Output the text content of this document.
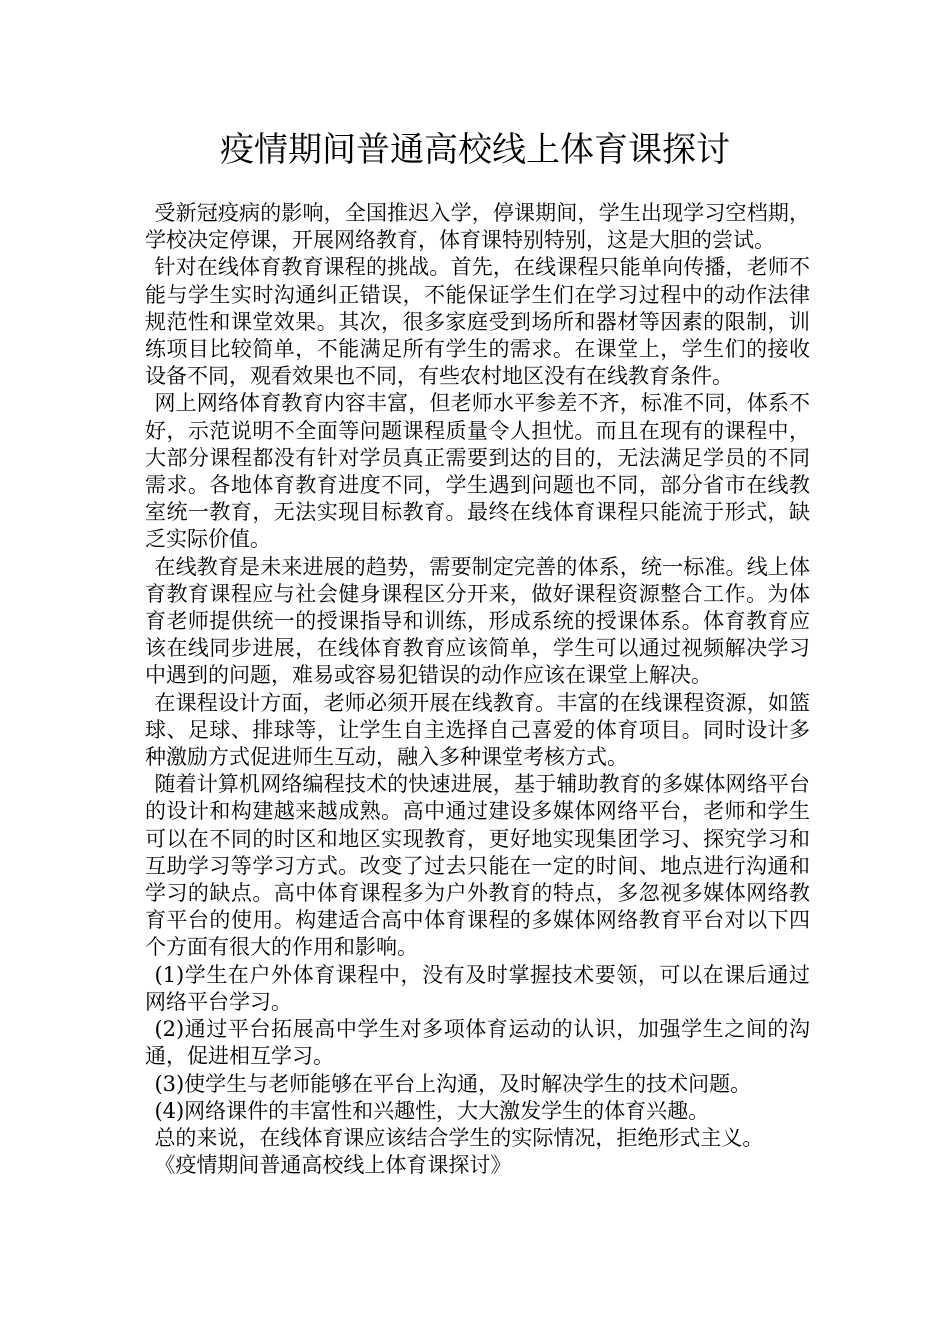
疫情期间普通高校线上体育课探讨

受新冠疫病的影响，全国推迟入学，停课期间，学生出现学习空档期，学校决定停课，开展网络教育，体育课特别特别，这是大胆的尝试。

针对在线体育教育课程的挑战。首先，在线课程只能单向传播，老师不能与学生实时沟通纠正错误，不能保证学生们在学习过程中的动作法律规范性和课堂效果。其次，很多家庭受到场所和器材等因素的限制，训练项目比较简单，不能满足所有学生的需求。在课堂上，学生们的接收设备不同，观看效果也不同，有些农村地区没有在线教育条件。

网上网络体育教育内容丰富，但老师水平参差不齐，标准不同，体系不好，示范说明不全面等问题课程质量令人担忧。而且在现有的课程中，大部分课程都没有针对学员真正需要到达的目的，无法满足学员的不同需求。各地体育教育进度不同，学生遇到问题也不同，部分省市在线教室统一教育，无法实现目标教育。最终在线体育课程只能流于形式，缺乏实际价值。

在线教育是未来进展的趋势，需要制定完善的体系，统一标准。线上体育教育课程应与社会健身课程区分开来，做好课程资源整合工作。为体育老师提供统一的授课指导和训练，形成系统的授课体系。体育教育应该在线同步进展，在线体育教育应该简单，学生可以通过视频解决学习中遇到的问题，难易或容易犯错误的动作应该在课堂上解决。

在课程设计方面，老师必须开展在线教育。丰富的在线课程资源，如篮球、足球、排球等，让学生自主选择自己喜爱的体育项目。同时设计多种激励方式促进师生互动，融入多种课堂考核方式。

随着计算机网络编程技术的快速进展，基于辅助教育的多媒体网络平台的设计和构建越来越成熟。高中通过建设多媒体网络平台，老师和学生可以在不同的时区和地区实现教育，更好地实现集团学习、探究学习和互助学习等学习方式。改变了过去只能在一定的时间、地点进行沟通和学习的缺点。高中体育课程多为户外教育的特点，多忽视多媒体网络教育平台的使用。构建适合高中体育课程的多媒体网络教育平台对以下四个方面有很大的作用和影响。

(1)学生在户外体育课程中，没有及时掌握技术要领，可以在课后通过网络平台学习。

(2)通过平台拓展高中学生对多项体育运动的认识，加强学生之间的沟通，促进相互学习。

(3)使学生与老师能够在平台上沟通，及时解决学生的技术问题。

(4)网络课件的丰富性和兴趣性，大大激发学生的体育兴趣。

总的来说，在线体育课应该结合学生的实际情况，拒绝形式主义。

《疫情期间普通高校线上体育课探讨》
